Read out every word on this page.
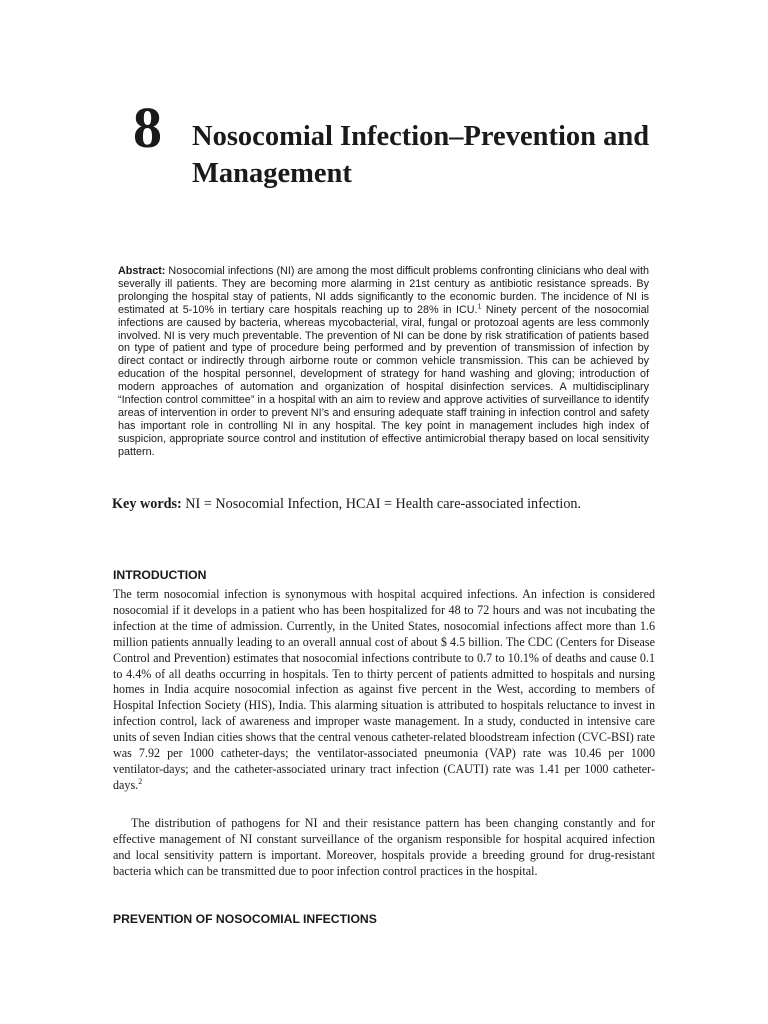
8 Nosocomial Infection–Prevention and Management

Abstract: Nosocomial infections (NI) are among the most difficult problems confronting clinicians who deal with severally ill patients. They are becoming more alarming in 21st century as antibiotic resistance spreads. By prolonging the hospital stay of patients, NI adds significantly to the economic burden. The incidence of NI is estimated at 5-10% in tertiary care hospitals reaching up to 28% in ICU.$^1$ Ninety percent of the nosocomial infections are caused by bacteria, whereas mycobacterial, viral, fungal or protozoal agents are less commonly involved. NI is very much preventable. The prevention of NI can be done by risk stratification of patients based on type of patient and type of procedure being performed and by prevention of transmission of infection by direct contact or indirectly through airborne route or common vehicle transmission. This can be achieved by education of the hospital personnel, development of strategy for hand washing and gloving; introduction of modern approaches of automation and organization of hospital disinfection services. A multidisciplinary “Infection control committee” in a hospital with an aim to review and approve activities of surveillance to identify areas of intervention in order to prevent NI’s and ensuring adequate staff training in infection control and safety has important role in controlling NI in any hospital. The key point in management includes high index of suspicion, appropriate source control and institution of effective antimicrobial therapy based on local sensitivity pattern.

Key words: NI = Nosocomial Infection, HCAI = Health care-associated infection.

INTRODUCTION

The term nosocomial infection is synonymous with hospital acquired infections. An infection is considered nosocomial if it develops in a patient who has been hospitalized for 48 to 72 hours and was not incubating the infection at the time of admission. Currently, in the United States, nosocomial infections affect more than 1.6 million patients annually leading to an overall annual cost of about $ 4.5 billion. The CDC (Centers for Disease Control and Prevention) estimates that nosocomial infections contribute to 0.7 to 10.1% of deaths and cause 0.1 to 4.4% of all deaths occurring in hospitals. Ten to thirty percent of patients admitted to hospitals and nursing homes in India acquire nosocomial infection as against five percent in the West, according to members of Hospital Infection Society (HIS), India. This alarming situation is attributed to hospitals reluctance to invest in infection control, lack of awareness and improper waste management. In a study, conducted in intensive care units of seven Indian cities shows that the central venous catheter-related bloodstream infection (CVC-BSI) rate was 7.92 per 1000 catheter-days; the ventilator-associated pneumonia (VAP) rate was 10.46 per 1000 ventilator-days; and the catheter-associated urinary tract infection (CAUTI) rate was 1.41 per 1000 catheter-days.$^2$

The distribution of pathogens for NI and their resistance pattern has been changing constantly and for effective management of NI constant surveillance of the organism responsible for hospital acquired infection and local sensitivity pattern is important. Moreover, hospitals provide a breeding ground for drug-resistant bacteria which can be transmitted due to poor infection control practices in the hospital.

PREVENTION OF NOSOCOMIAL INFECTIONS
